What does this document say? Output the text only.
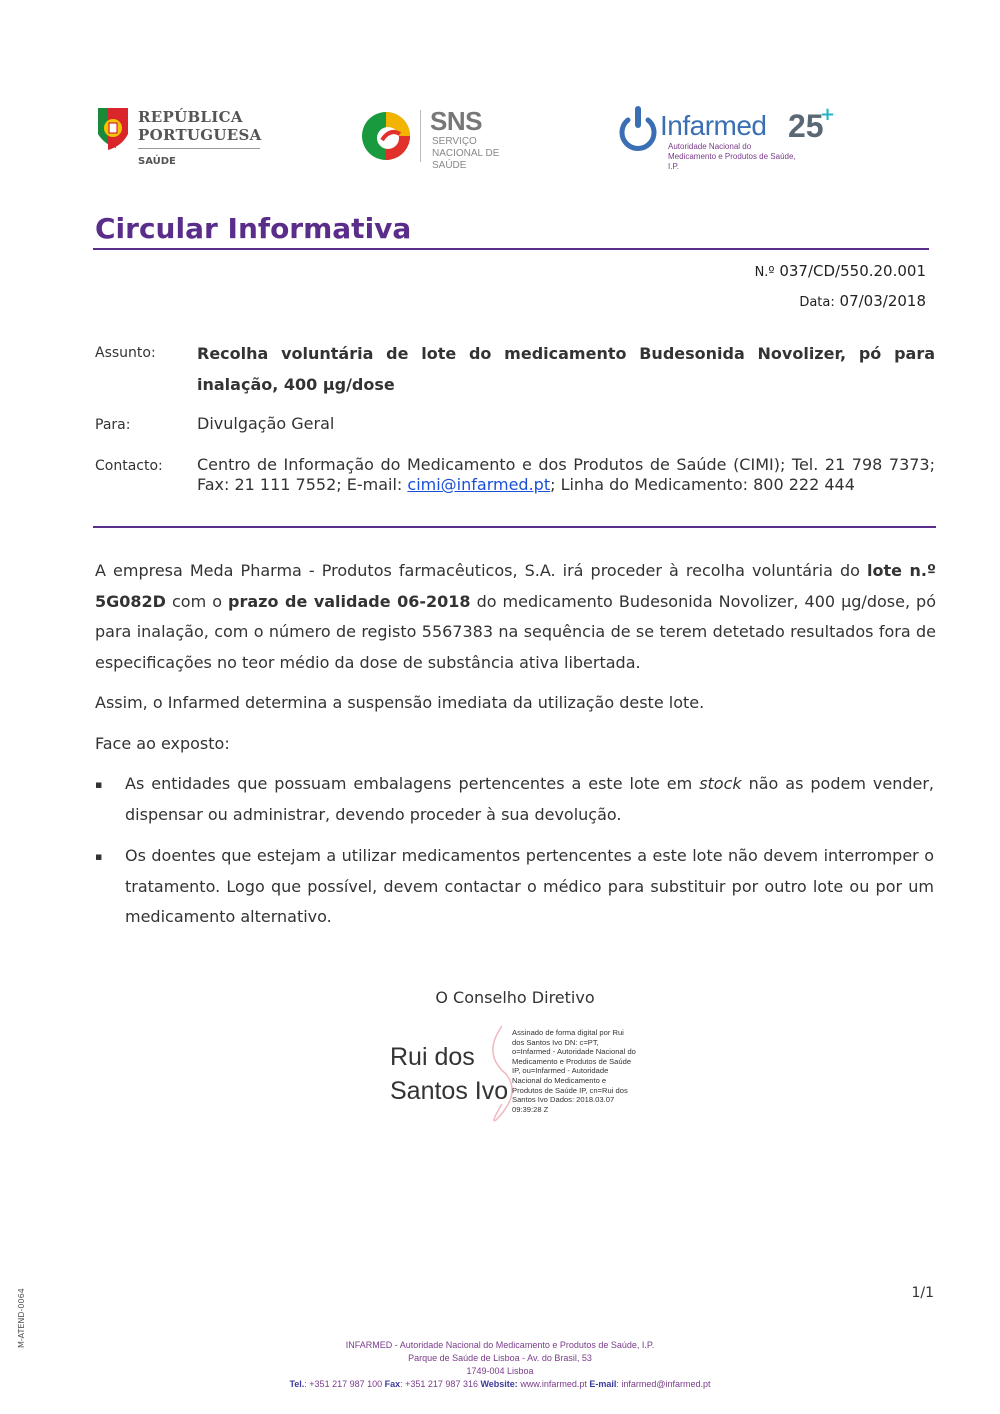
REPÚBLICA
PORTUGUESA
SAÚDE
SNS
SERVIÇO NACIONAL DE SAÚDE
Infarmed 25
+
Autoridade Nacional do Medicamento e Produtos de Saúde, I.P.
Circular Informativa
N.º 037/CD/550.20.001
Data: 07/03/2018
Assunto:	Recolha voluntária de lote do medicamento Budesonida Novolizer, pó para inalação, 400 µg/dose
Para:	Divulgação Geral
Contacto: Centro de Informação do Medicamento e dos Produtos de Saúde (CIMI); Tel. 21 798 7373; Fax: 21 111 7552; E-mail: cimi@infarmed.pt; Linha do Medicamento: 800 222 444
A empresa Meda Pharma - Produtos farmacêuticos, S.A. irá proceder à recolha voluntária do lote n.º 5G082D com o prazo de validade 06-2018 do medicamento Budesonida Novolizer, 400 µg/dose, pó para inalação, com o número de registo 5567383 na sequência de se terem detetado resultados fora de especificações no teor médio da dose de substância ativa libertada.
Assim, o Infarmed determina a suspensão imediata da utilização deste lote.
Face ao exposto:
▪ As entidades que possuam embalagens pertencentes a este lote em stock não as podem vender, dispensar ou administrar, devendo proceder à sua devolução.
▪ Os doentes que estejam a utilizar medicamentos pertencentes a este lote não devem interromper o tratamento. Logo que possível, devem contactar o médico para substituir por outro lote ou por um medicamento alternativo.
O Conselho Diretivo
Rui dos
Santos Ivo
Assinado de forma digital por Rui dos Santos Ivo DN: c=PT, o=Infarmed - Autoridade Nacional do Medicamento e Produtos de Saúde IP, ou=Infarmed - Autoridade Nacional do Medicamento e Produtos de Saúde IP, cn=Rui dos Santos Ivo Dados: 2018.03.07 09:39:28 Z
1/1
M-ATEND-0064	INFARMED - Autoridade Nacional do Medicamento e Produtos de Saúde, I.P.
Parque de Saúde de Lisboa - Av. do Brasil, 53
1749-004 Lisboa
Tel.: +351 217 987 100 Fax: +351 217 987 316 Website: www.infarmed.pt E-mail: infarmed@infarmed.pt
